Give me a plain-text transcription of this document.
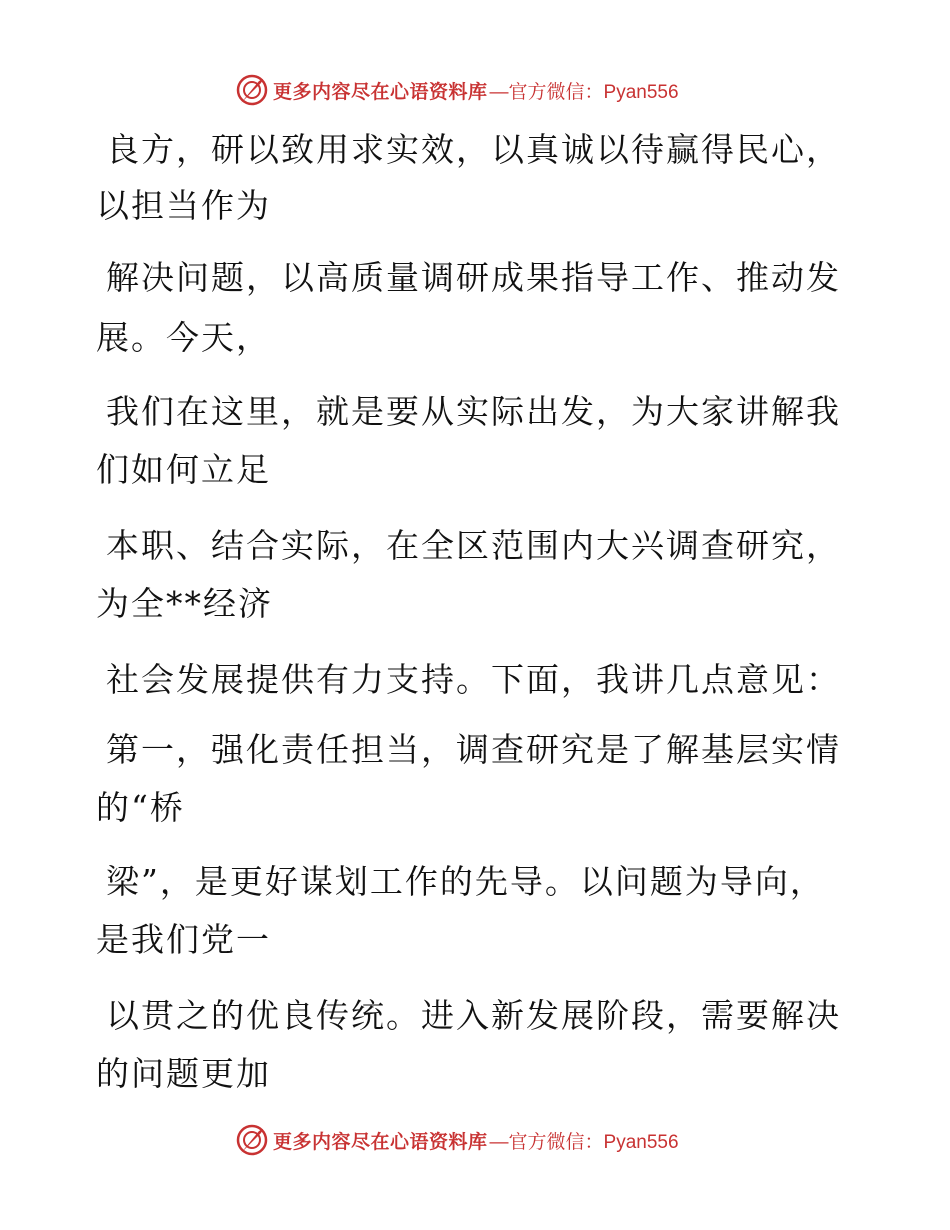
更多内容尽在心语资料库 —官方微信：Pyan556
良方，研以致用求实效，以真诚以待赢得民心，
以担当作为
解决问题，以高质量调研成果指导工作、推动发
展。今天，
我们在这里，就是要从实际出发，为大家讲解我
们如何立足
本职、结合实际，在全区范围内大兴调查研究，
为全**经济
社会发展提供有力支持。下面，我讲几点意见：
第一，强化责任担当，调查研究是了解基层实情
的“桥
梁”，是更好谋划工作的先导。以问题为导向，
是我们党一
以贯之的优良传统。进入新发展阶段，需要解决
的问题更加
更多内容尽在心语资料库 —官方微信：Pyan556
